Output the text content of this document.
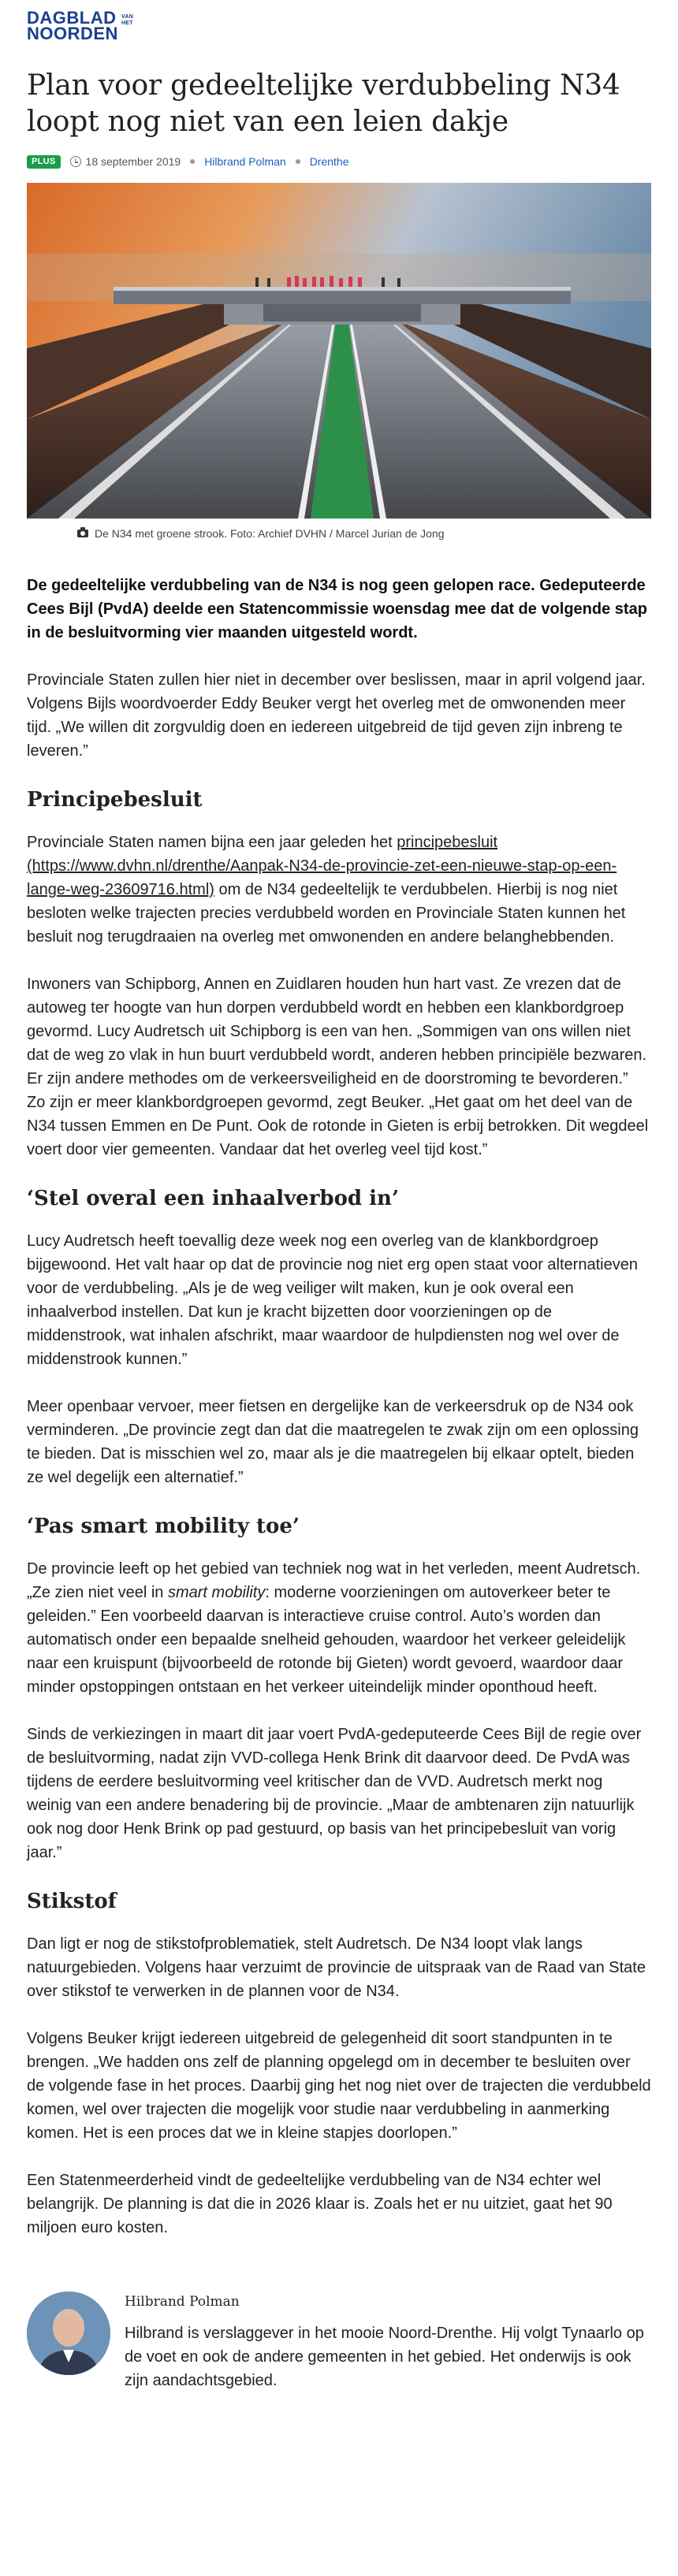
DAGBLAD
NOORDEN
VAN
HET
Plan voor gedeeltelijke verdubbeling N34 loopt nog niet van een leien dakje
PLUS	18 september 2019 Hilbrand Polman Drenthe
De N34 met groene strook. Foto: Archief DVHN / Marcel Jurian de Jong

De gedeeltelijke verdubbeling van de N34 is nog geen gelopen race. Gedeputeerde Cees Bijl (PvdA) deelde een Statencommissie woensdag mee dat de volgende stap in de besluitvorming vier maanden uitgesteld wordt.

Provinciale Staten zullen hier niet in december over beslissen, maar in april volgend jaar. Volgens Bijls woordvoerder Eddy Beuker vergt het overleg met de omwonenden meer tijd. „We willen dit zorgvuldig doen en iedereen uitgebreid de tijd geven zijn inbreng te leveren.”

Principebesluit

Provinciale Staten namen bijna een jaar geleden het principebesluit (https://www.dvhn.nl/drenthe/Aanpak-N34-de-provincie-zet-een-nieuwe-stap-op-een-lange-weg-23609716.html) om de N34 gedeeltelijk te verdubbelen. Hierbij is nog niet besloten welke trajecten precies verdubbeld worden en Provinciale Staten kunnen het besluit nog terugdraaien na overleg met omwonenden en andere belanghebbenden.

Inwoners van Schipborg, Annen en Zuidlaren houden hun hart vast. Ze vrezen dat de autoweg ter hoogte van hun dorpen verdubbeld wordt en hebben een klankbordgroep gevormd. Lucy Audretsch uit Schipborg is een van hen. „Sommigen van ons willen niet dat de weg zo vlak in hun buurt verdubbeld wordt, anderen hebben principiële bezwaren. Er zijn andere methodes om de verkeersveiligheid en de doorstroming te bevorderen.”

Zo zijn er meer klankbordgroepen gevormd, zegt Beuker. „Het gaat om het deel van de N34 tussen Emmen en De Punt. Ook de rotonde in Gieten is erbij betrokken. Dit wegdeel voert door vier gemeenten. Vandaar dat het overleg veel tijd kost.”

‘Stel overal een inhaalverbod in’

Lucy Audretsch heeft toevallig deze week nog een overleg van de klankbordgroep bijgewoond. Het valt haar op dat de provincie nog niet erg open staat voor alternatieven voor de verdubbeling. „Als je de weg veiliger wilt maken, kun je ook overal een inhaalverbod instellen. Dat kun je kracht bijzetten door voorzieningen op de middenstrook, wat inhalen afschrikt, maar waardoor de hulpdiensten nog wel over de middenstrook kunnen.”

Meer openbaar vervoer, meer fietsen en dergelijke kan de verkeersdruk op de N34 ook verminderen. „De provincie zegt dan dat die maatregelen te zwak zijn om een oplossing te bieden. Dat is misschien wel zo, maar als je die maatregelen bij elkaar optelt, bieden ze wel degelijk een alternatief.”

‘Pas smart mobility toe’

De provincie leeft op het gebied van techniek nog wat in het verleden, meent Audretsch. „Ze zien niet veel in smart mobility: moderne voorzieningen om autoverkeer beter te geleiden.” Een voorbeeld daarvan is interactieve cruise control. Auto’s worden dan automatisch onder een bepaalde snelheid gehouden, waardoor het verkeer geleidelijk naar een kruispunt (bijvoorbeeld de rotonde bij Gieten) wordt gevoerd, waardoor daar minder opstoppingen ontstaan en het verkeer uiteindelijk minder oponthoud heeft.

Sinds de verkiezingen in maart dit jaar voert PvdA-gedeputeerde Cees Bijl de regie over de besluitvorming, nadat zijn VVD-collega Henk Brink dit daarvoor deed. De PvdA was tijdens de eerdere besluitvorming veel kritischer dan de VVD. Audretsch merkt nog weinig van een andere benadering bij de provincie. „Maar de ambtenaren zijn natuurlijk ook nog door Henk Brink op pad gestuurd, op basis van het principebesluit van vorig jaar.”

Stikstof

Dan ligt er nog de stikstofproblematiek, stelt Audretsch. De N34 loopt vlak langs natuurgebieden. Volgens haar verzuimt de provincie de uitspraak van de Raad van State over stikstof te verwerken in de plannen voor de N34.

Volgens Beuker krijgt iedereen uitgebreid de gelegenheid dit soort standpunten in te brengen. „We hadden ons zelf de planning opgelegd om in december te besluiten over de volgende fase in het proces. Daarbij ging het nog niet over de trajecten die verdubbeld komen, wel over trajecten die mogelijk voor studie naar verdubbeling in aanmerking komen. Het is een proces dat we in kleine stapjes doorlopen.”

Een Statenmeerderheid vindt de gedeeltelijke verdubbeling van de N34 echter wel belangrijk. De planning is dat die in 2026 klaar is. Zoals het er nu uitziet, gaat het 90 miljoen euro kosten.

Hilbrand Polman

Hilbrand is verslaggever in het mooie Noord-Drenthe. Hij volgt Tynaarlo op de voet en ook de andere gemeenten in het gebied. Het onderwijs is ook zijn aandachtsgebied.
